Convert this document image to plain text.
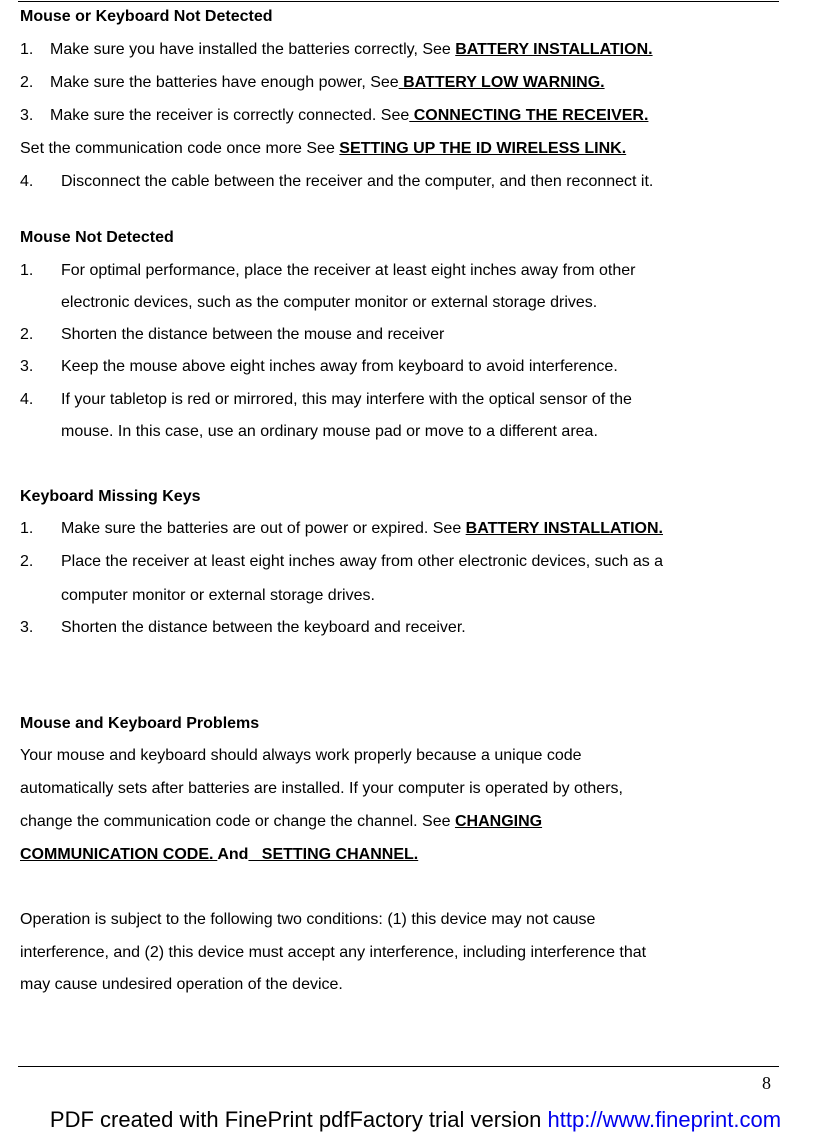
Mouse or Keyboard Not Detected
1. Make sure you have installed the batteries correctly, See BATTERY INSTALLATION.
2. Make sure the batteries have enough power, See BATTERY LOW WARNING.
3. Make sure the receiver is correctly connected. See CONNECTING THE RECEIVER.
Set the communication code once more See SETTING UP THE ID WIRELESS LINK.
4. Disconnect the cable between the receiver and the computer, and then reconnect it.
Mouse Not Detected
1. For optimal performance, place the receiver at least eight inches away from other
electronic devices, such as the computer monitor or external storage drives.
2. Shorten the distance between the mouse and receiver
3. Keep the mouse above eight inches away from keyboard to avoid interference.
4. If your tabletop is red or mirrored, this may interfere with the optical sensor of the
mouse. In this case, use an ordinary mouse pad or move to a different area.
Keyboard Missing Keys
1. Make sure the batteries are out of power or expired. See BATTERY INSTALLATION.
2. Place the receiver at least eight inches away from other electronic devices, such as a
computer monitor or external storage drives.
3. Shorten the distance between the keyboard and receiver.
Mouse and Keyboard Problems
Your mouse and keyboard should always work properly because a unique code
automatically sets after batteries are installed. If your computer is operated by others,
change the communication code or change the channel. See CHANGING
COMMUNICATION CODE. And   SETTING CHANNEL.
Operation is subject to the following two conditions: (1) this device may not cause
interference, and (2) this device must accept any interference, including interference that
may cause undesired operation of the device.
8
PDF created with FinePrint pdfFactory trial version http://www.fineprint.com
